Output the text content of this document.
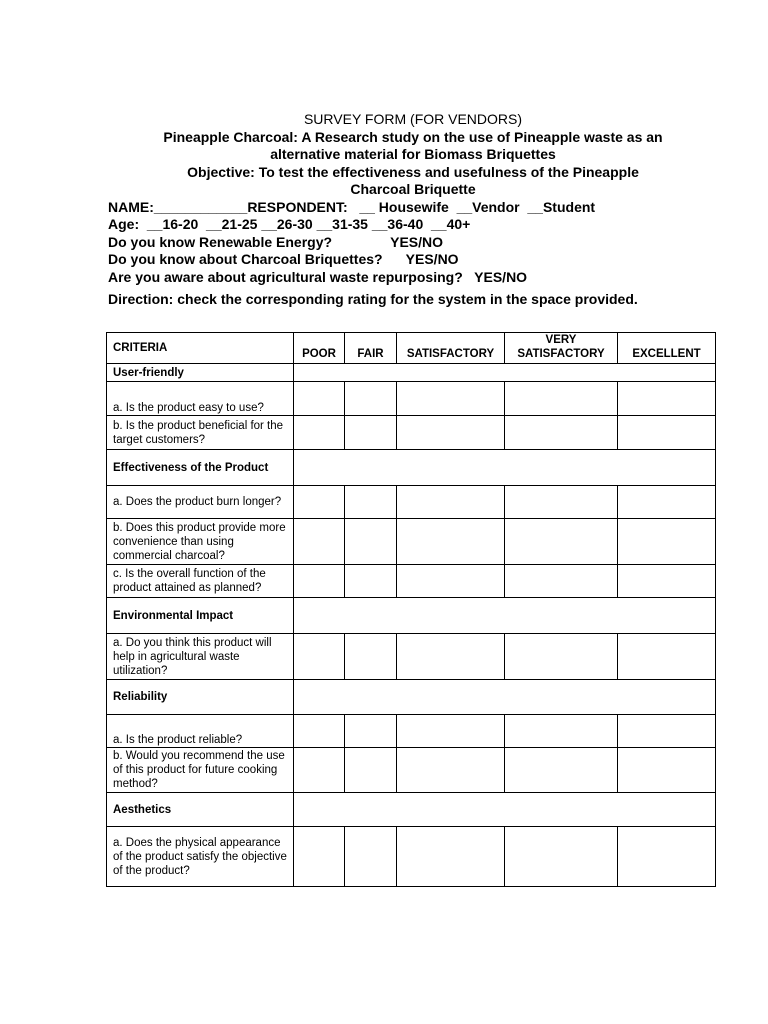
SURVEY FORM (FOR VENDORS)
Pineapple Charcoal: A Research study on the use of Pineapple waste as an
alternative material for Biomass Briquettes
Objective: To test the effectiveness and usefulness of the Pineapple
Charcoal Briquette
NAME:____________RESPONDENT:   __ Housewife  __Vendor  __Student
Age:  __16-20  __21-25 __26-30 __31-35 __36-40  __40+
Do you know Renewable Energy?               YES/NO
Do you know about Charcoal Briquettes?      YES/NO
Are you aware about agricultural waste repurposing?   YES/NO
Direction: check the corresponding rating for the system in the space provided.
CRITERIA	POOR	FAIR	SATISFACTORY	VERY SATISFACTORY	EXCELLENT
User-friendly					
a. Is the product easy to use?					
b. Is the product beneficial for the target customers?					
Effectiveness of the Product					
a. Does the product burn longer?					
b. Does this product provide more convenience than using commercial charcoal?					
c. Is the overall function of the product attained as planned?					
Environmental Impact					
a. Do you think this product will help in agricultural waste utilization?					
Reliability					
a. Is the product reliable?					
b. Would you recommend the use of this product for future cooking method?					
Aesthetics					
a. Does the physical appearance of the product satisfy the objective of the product?					
